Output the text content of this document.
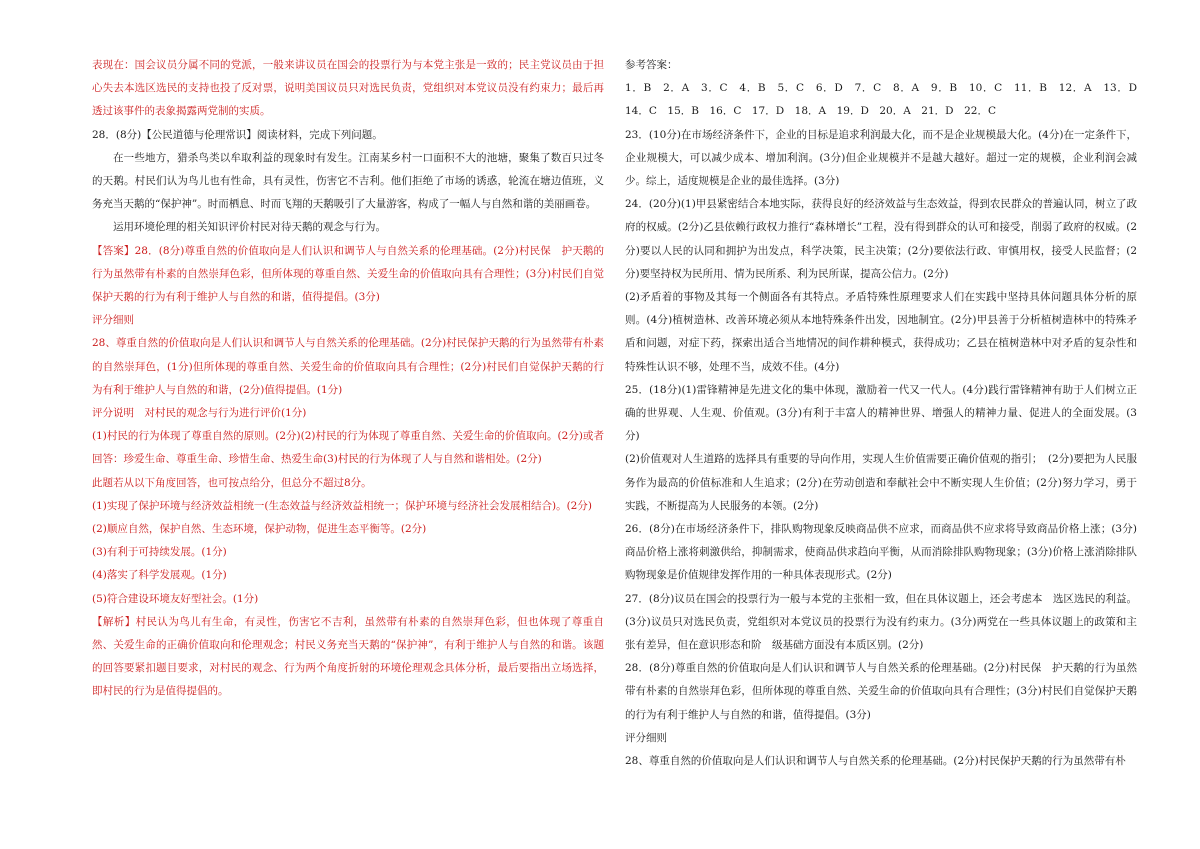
表现在：国会议员分属不同的党派，一般来讲议员在国会的投票行为与本党主张是一致的；民主党议员由于担心失去本选区选民的支持也投了反对票，说明美国议员只对选民负责，党组织对本党议员没有约束力；最后再透过该事件的表象揭露两党制的实质。

28．(8分)【公民道德与伦理常识】阅读材料，完成下列问题。

在一些地方，猎杀鸟类以牟取利益的现象时有发生。江南某乡村一口面积不大的池塘，聚集了数百只过冬的天鹅。村民们认为鸟儿也有性命，具有灵性，伤害它不吉利。他们拒绝了市场的诱惑，轮流在塘边值班，义务充当天鹅的“保护神”。时而栖息、时而飞翔的天鹅吸引了大量游客，构成了一幅人与自然和谐的美丽画卷。

运用环境伦理的相关知识评价村民对待天鹅的观念与行为。

【答案】28．(8分)尊重自然的价值取向是人们认识和调节人与自然关系的伦理基础。(2分)村民保　护天鹅的行为虽然带有朴素的自然崇拜色彩，但所体现的尊重自然、关爱生命的价值取向具有合理性；(3分)村民们自觉保护天鹅的行为有利于维护人与自然的和谐，值得提倡。(3分)

评分细则

28、尊重自然的价值取向是人们认识和调节人与自然关系的伦理基础。(2分)村民保护天鹅的行为虽然带有朴素的自然崇拜色，(1分)但所体现的尊重自然、关爱生命的价值取向具有合理性；(2分)村民们自觉保护天鹅的行为有利于维护人与自然的和谐，(2分)值得提倡。(1分)

评分说明　对村民的观念与行为进行评价(1分)

(1)村民的行为体现了尊重自然的原则。(2分)(2)村民的行为体现了尊重自然、关爱生命的价值取向。(2分)或者回答：珍爱生命、尊重生命、珍惜生命、热爱生命(3)村民的行为体现了人与自然和谐相处。(2分)

此题若从以下角度回答，也可按点给分，但总分不超过8分。

(1)实现了保护环境与经济效益相统一(生态效益与经济效益相统一；保护环境与经济社会发展相结合)。(2分)

(2)顺应自然，保护自然、生态环境，保护动物，促进生态平衡等。(2分)

(3)有利于可持续发展。(1分)

(4)落实了科学发展观。(1分)

(5)符合建设环境友好型社会。(1分)

【解析】村民认为鸟儿有生命，有灵性，伤害它不吉利，虽然带有朴素的自然崇拜色彩，但也体现了尊重自然、关爱生命的正确价值取向和伦理观念；村民义务充当天鹅的“保护神”，有利于维护人与自然的和谐。该题的回答要紧扣题目要求，对村民的观念、行为两个角度折射的环境伦理观念具体分析，最后要指出立场选择，即村民的行为是值得提倡的。

参考答案：

1．B　2．A　3．C　4．B　5．C　6．D　7．C　8．A　9．B　10．C　11．B　12．A　13．D　14．C　15．B　16．C　17．D　18．A　19．D　20．A　21．D　22．C

23．(10分)在市场经济条件下，企业的目标是追求利润最大化，而不是企业规模最大化。(4分)在一定条件下，企业规模大，可以减少成本、增加利润。(3分)但企业规模并不是越大越好。超过一定的规模，企业利润会减少。综上，适度规模是企业的最佳选择。(3分)

24．(20分)(1)甲县紧密结合本地实际，获得良好的经济效益与生态效益，得到农民群众的普遍认同，树立了政府的权威。(2分)乙县依赖行政权力推行“森林增长”工程，没有得到群众的认可和接受，削弱了政府的权威。(2分)要以人民的认同和拥护为出发点，科学决策，民主决策；(2分)要依法行政、审慎用权，接受人民监督；(2分)要坚持权为民所用、情为民所系、利为民所谋，提高公信力。(2分)

(2)矛盾着的事物及其每一个侧面各有其特点。矛盾特殊性原理要求人们在实践中坚持具体问题具体分析的原则。(4分)植树造林、改善环境必须从本地特殊条件出发，因地制宜。(2分)甲县善于分析植树造林中的特殊矛盾和问题，对症下药，探索出适合当地情况的间作耕种模式，获得成功；乙县在植树造林中对矛盾的复杂性和特殊性认识不够，处理不当，成效不佳。(4分)

25．(18分)(1)雷锋精神是先进文化的集中体现，激励着一代又一代人。(4分)践行雷锋精神有助于人们树立正确的世界观、人生观、价值观。(3分)有利于丰富人的精神世界、增强人的精神力量、促进人的全面发展。(3分)

(2)价值观对人生道路的选择具有重要的导向作用，实现人生价值需要正确价值观的指引；　(2分)要把为人民服务作为最高的价值标准和人生追求；(2分)在劳动创造和奉献社会中不断实现人生价值；(2分)努力学习，勇于实践，不断提高为人民服务的本领。(2分)

26．(8分)在市场经济条件下，排队购物现象反映商品供不应求，而商品供不应求将导致商品价格上涨；(3分)商品价格上涨将刺激供给，抑制需求，使商品供求趋向平衡，从而消除排队购物现象；(3分)价格上涨消除排队购物现象是价值规律发挥作用的一种具体表现形式。(2分)

27．(8分)议员在国会的投票行为一般与本党的主张相一致，但在具体议题上，还会考虑本　选区选民的利益。(3分)议员只对选民负责，党组织对本党议员的投票行为没有约束力。(3分)两党在一些具体议题上的政策和主张有差异，但在意识形态和阶　级基础方面没有本质区别。(2分)

28．(8分)尊重自然的价值取向是人们认识和调节人与自然关系的伦理基础。(2分)村民保　护天鹅的行为虽然带有朴素的自然崇拜色彩，但所体现的尊重自然、关爱生命的价值取向具有合理性；(3分)村民们自觉保护天鹅的行为有利于维护人与自然的和谐，值得提倡。(3分)

评分细则

28、尊重自然的价值取向是人们认识和调节人与自然关系的伦理基础。(2分)村民保护天鹅的行为虽然带有朴
